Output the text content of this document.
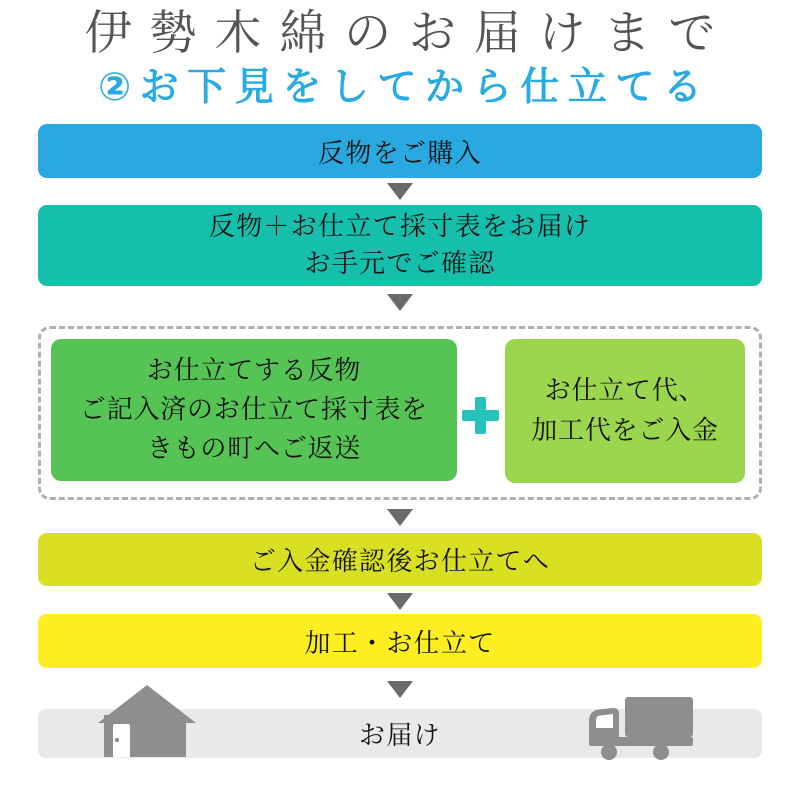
伊勢木綿のお届けまで
②お下見をしてから仕立てる
反物をご購入
反物＋お仕立て採寸表をお届け
お手元でご確認
お仕立てする反物
ご記入済のお仕立て採寸表を
きもの町へご返送
お仕立て代、
加工代をご入金
ご入金確認後お仕立てへ
加工・お仕立て
お届け
